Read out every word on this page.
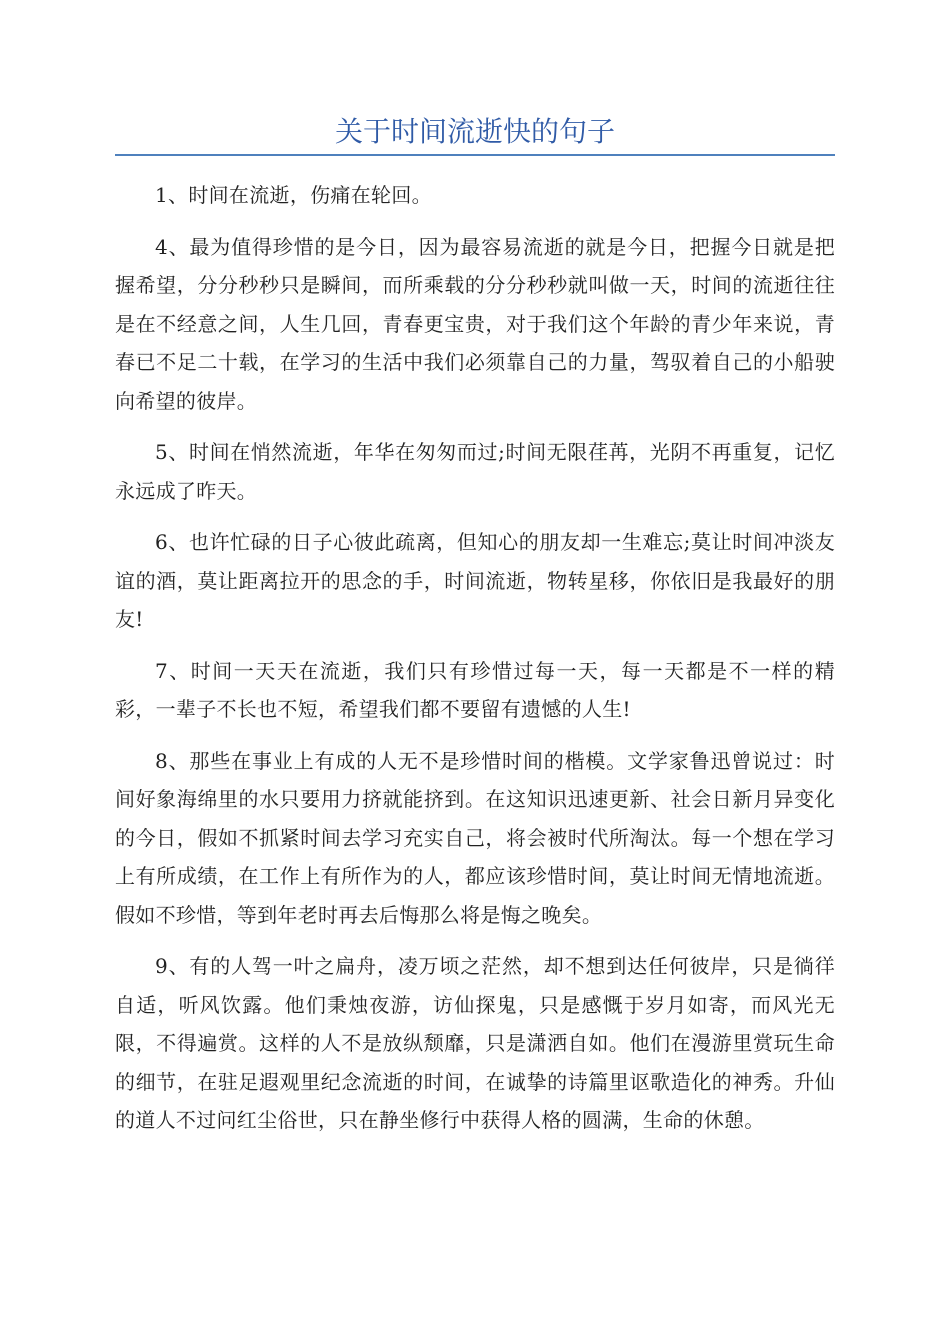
关于时间流逝快的句子

1、时间在流逝，伤痛在轮回。

4、最为值得珍惜的是今日，因为最容易流逝的就是今日，把握今日就是把握希望，分分秒秒只是瞬间，而所乘载的分分秒秒就叫做一天，时间的流逝往往是在不经意之间，人生几回，青春更宝贵，对于我们这个年龄的青少年来说，青春已不足二十载，在学习的生活中我们必须靠自己的力量，驾驭着自己的小船驶向希望的彼岸。

5、时间在悄然流逝，年华在匆匆而过;时间无限荏苒，光阴不再重复，记忆永远成了昨天。

6、也许忙碌的日子心彼此疏离，但知心的朋友却一生难忘;莫让时间冲淡友谊的酒，莫让距离拉开的思念的手，时间流逝，物转星移，你依旧是我最好的朋友!

7、时间一天天在流逝，我们只有珍惜过每一天，每一天都是不一样的精彩，一辈子不长也不短，希望我们都不要留有遗憾的人生!

8、那些在事业上有成的人无不是珍惜时间的楷模。文学家鲁迅曾说过：时间好象海绵里的水只要用力挤就能挤到。在这知识迅速更新、社会日新月异变化的今日，假如不抓紧时间去学习充实自己，将会被时代所淘汰。每一个想在学习上有所成绩，在工作上有所作为的人，都应该珍惜时间，莫让时间无情地流逝。假如不珍惜，等到年老时再去后悔那么将是悔之晚矣。

9、有的人驾一叶之扁舟，凌万顷之茫然，却不想到达任何彼岸，只是徜徉自适，听风饮露。他们秉烛夜游，访仙探鬼，只是感慨于岁月如寄，而风光无限，不得遍赏。这样的人不是放纵颓靡，只是潇洒自如。他们在漫游里赏玩生命的细节，在驻足遐观里纪念流逝的时间，在诚挚的诗篇里讴歌造化的神秀。升仙的道人不过问红尘俗世，只在静坐修行中获得人格的圆满，生命的休憩。
